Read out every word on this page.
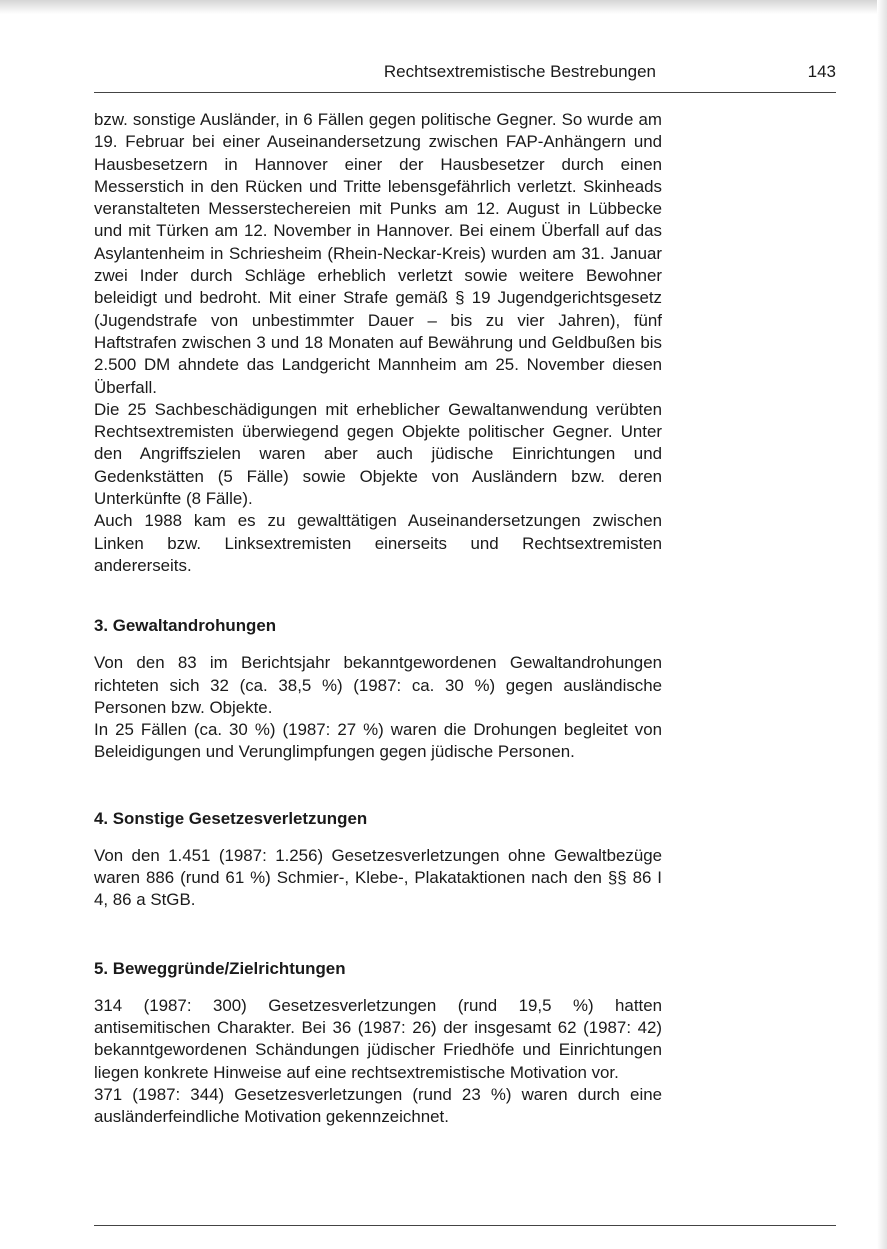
Rechtsextremistische Bestrebungen	143

bzw. sonstige Ausländer, in 6 Fällen gegen politische Gegner. So wurde am 19. Februar bei einer Auseinandersetzung zwischen FAP-Anhängern und Hausbesetzern in Hannover einer der Hausbesetzer durch einen Messerstich in den Rücken und Tritte lebensgefährlich verletzt. Skinheads veranstalteten Messerstechereien mit Punks am 12. August in Lübbecke und mit Türken am 12. November in Hannover. Bei einem Überfall auf das Asylantenheim in Schriesheim (Rhein-Neckar-Kreis) wurden am 31. Januar zwei Inder durch Schläge erheblich verletzt sowie weitere Bewohner beleidigt und bedroht. Mit einer Strafe gemäß § 19 Jugendgerichtsgesetz (Jugendstrafe von unbestimmter Dauer – bis zu vier Jahren), fünf Haftstrafen zwischen 3 und 18 Monaten auf Bewährung und Geldbußen bis 2.500 DM ahndete das Landgericht Mannheim am 25. November diesen Überfall.

Die 25 Sachbeschädigungen mit erheblicher Gewaltanwendung verübten Rechtsextremisten überwiegend gegen Objekte politischer Gegner. Unter den Angriffszielen waren aber auch jüdische Einrichtungen und Gedenkstätten (5 Fälle) sowie Objekte von Ausländern bzw. deren Unterkünfte (8 Fälle).

Auch 1988 kam es zu gewalttätigen Auseinandersetzungen zwischen Linken bzw. Linksextremisten einerseits und Rechtsextremisten andererseits.

3. Gewaltandrohungen

Von den 83 im Berichtsjahr bekanntgewordenen Gewaltandrohungen richteten sich 32 (ca. 38,5 %) (1987: ca. 30 %) gegen ausländische Personen bzw. Objekte.

In 25 Fällen (ca. 30 %) (1987: 27 %) waren die Drohungen begleitet von Beleidigungen und Verunglimpfungen gegen jüdische Personen.

4. Sonstige Gesetzesverletzungen

Von den 1.451 (1987: 1.256) Gesetzesverletzungen ohne Gewaltbezüge waren 886 (rund 61 %) Schmier-, Klebe-, Plakataktionen nach den §§ 86 I 4, 86 a StGB.

5. Beweggründe/Zielrichtungen

314 (1987: 300) Gesetzesverletzungen (rund 19,5 %) hatten antisemitischen Charakter. Bei 36 (1987: 26) der insgesamt 62 (1987: 42) bekanntgewordenen Schändungen jüdischer Friedhöfe und Einrichtungen liegen konkrete Hinweise auf eine rechtsextremistische Motivation vor.

371 (1987: 344) Gesetzesverletzungen (rund 23 %) waren durch eine ausländerfeindliche Motivation gekennzeichnet.
